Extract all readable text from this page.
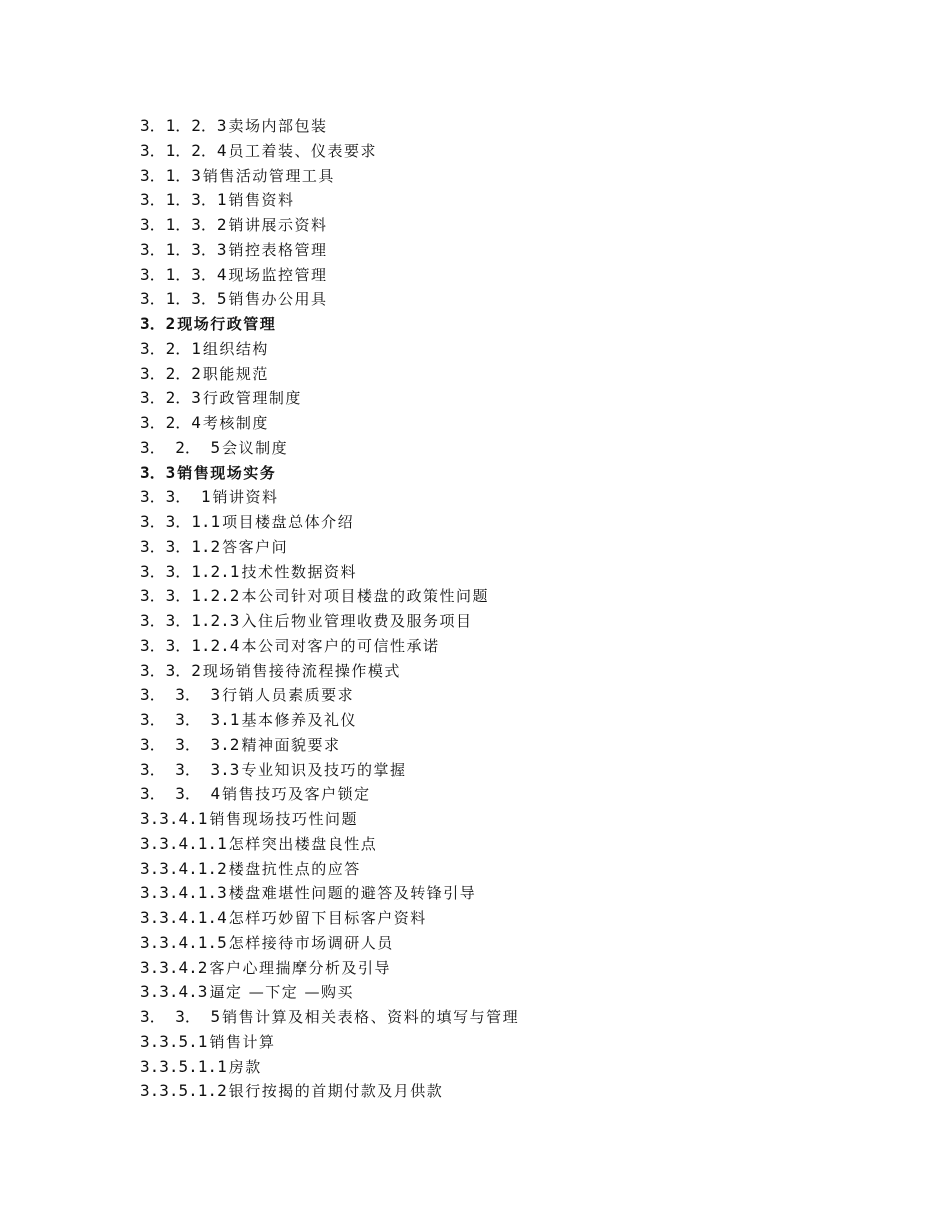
3．1．2．3 卖场内部包装
3．1．2．4 员工着装、仪表要求
3．1．3 销售活动管理工具
3．1．3．1 销售资料
3．1．3．2 销讲展示资料
3．1．3．3 销控表格管理
3．1．3．4 现场监控管理
3．1．3．5 销售办公用具
3．2 现场行政管理
3．2．1 组织结构
3．2．2 职能规范
3．2．3 行政管理制度
3．2．4 考核制度
3． 2． 5 会议制度
3．3 销售现场实务
3．3． 1 销讲资料
3．3．1.1 项目楼盘总体介绍
3．3．1.2 答客户问
3．3．1.2.1 技术性数据资料
3．3．1.2.2 本公司针对项目楼盘的政策性问题
3．3．1.2.3 入住后物业管理收费及服务项目
3．3．1.2.4 本公司对客户的可信性承诺
3．3．2 现场销售接待流程操作模式
3． 3． 3 行销人员素质要求
3． 3． 3.1 基本修养及礼仪
3． 3． 3.2 精神面貌要求
3． 3． 3.3 专业知识及技巧的掌握
3． 3． 4 销售技巧及客户锁定
3.3.4.1 销售现场技巧性问题
3.3.4.1.1 怎样突出楼盘良性点
3.3.4.1.2 楼盘抗性点的应答
3.3.4.1.3 楼盘难堪性问题的避答及转锋引导
3.3.4.1.4 怎样巧妙留下目标客户资料
3.3.4.1.5 怎样接待市场调研人员
3.3.4.2 客户心理揣摩分析及引导
3.3.4.3 逼定 —下定 —购买
3． 3． 5 销售计算及相关表格、资料的填写与管理
3.3.5.1 销售计算
3.3.5.1.1 房款
3.3.5.1.2 银行按揭的首期付款及月供款
